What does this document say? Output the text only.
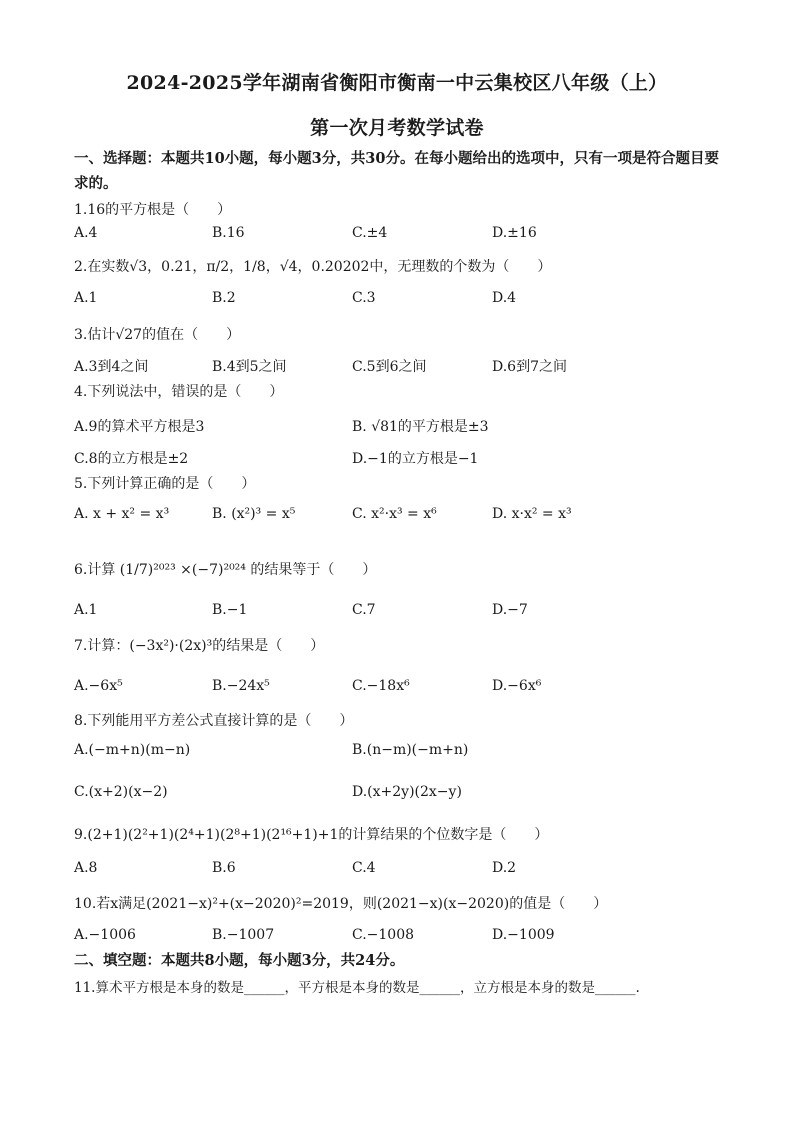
2024-2025学年湖南省衡阳市衡南一中云集校区八年级（上）
第一次月考数学试卷
一、选择题：本题共10小题，每小题3分，共30分。在每小题给出的选项中，只有一项是符合题目要求的。
1.16的平方根是（　　）
A.4	B.16	C.±4	D.±16
2.在实数√3，0.21，π/2，1/8，√4，0.20202中，无理数的个数为（　　）
A.1	B.2	C.3	D.4
3.估计√27的值在（　　）
A.3到4之间	B.4到5之间	C.5到6之间	D.6到7之间
4.下列说法中，错误的是（　　）
A.9的算术平方根是3	B. √81的平方根是±3
C.8的立方根是±2	D.−1的立方根是−1
5.下列计算正确的是（　　）
A. x + x² = x³	B. (x²)³ = x⁵	C. x²·x³ = x⁶	D. x·x² = x³
6.计算 (1/7)²⁰²³ ×(−7)²⁰²⁴ 的结果等于（　　）
A.1	B.−1	C.7	D.−7
7.计算：(−3x²)·(2x)³的结果是（　　）
A.−6x⁵	B.−24x⁵	C.−18x⁶	D.−6x⁶
8.下列能用平方差公式直接计算的是（　　）
A.(−m+n)(m−n)	B.(n−m)(−m+n)
C.(x+2)(x−2)	D.(x+2y)(2x−y)
9.(2+1)(2²+1)(2⁴+1)(2⁸+1)(2¹⁶+1)+1的计算结果的个位数字是（　　）
A.8	B.6	C.4	D.2
10.若x满足(2021−x)²+(x−2020)²=2019，则(2021−x)(x−2020)的值是（　　）
A.−1006	B.−1007	C.−1008	D.−1009
二、填空题：本题共8小题，每小题3分，共24分。
11.算术平方根是本身的数是______，平方根是本身的数是______，立方根是本身的数是______.
